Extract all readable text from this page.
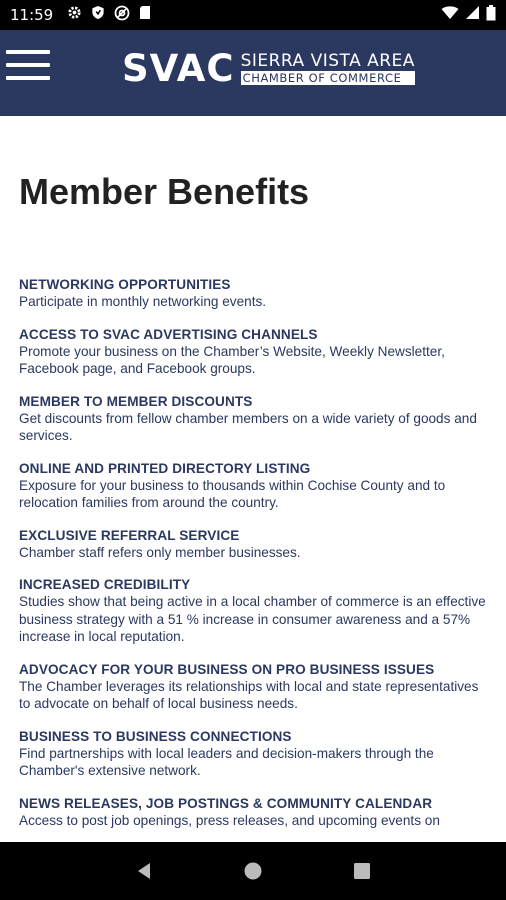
11:59
SVAC SIERRA VISTA AREA
CHAMBER OF COMMERCE
Member Benefits
NETWORKING OPPORTUNITIES
Participate in monthly networking events.
ACCESS TO SVAC ADVERTISING CHANNELS
Promote your business on the Chamber’s Website, Weekly Newsletter, Facebook page, and Facebook groups.
MEMBER TO MEMBER DISCOUNTS
Get discounts from fellow chamber members on a wide variety of goods and services.
ONLINE AND PRINTED DIRECTORY LISTING
Exposure for your business to thousands within Cochise County and to relocation families from around the country.
EXCLUSIVE REFERRAL SERVICE
Chamber staff refers only member businesses.
INCREASED CREDIBILITY
Studies show that being active in a local chamber of commerce is an effective business strategy with a 51 % increase in consumer awareness and a 57% increase in local reputation.
ADVOCACY FOR YOUR BUSINESS ON PRO BUSINESS ISSUES
The Chamber leverages its relationships with local and state representatives to advocate on behalf of local business needs.
BUSINESS TO BUSINESS CONNECTIONS
Find partnerships with local leaders and decision-makers through the Chamber's extensive network.
NEWS RELEASES, JOB POSTINGS & COMMUNITY CALENDAR
Access to post job openings, press releases, and upcoming events on
